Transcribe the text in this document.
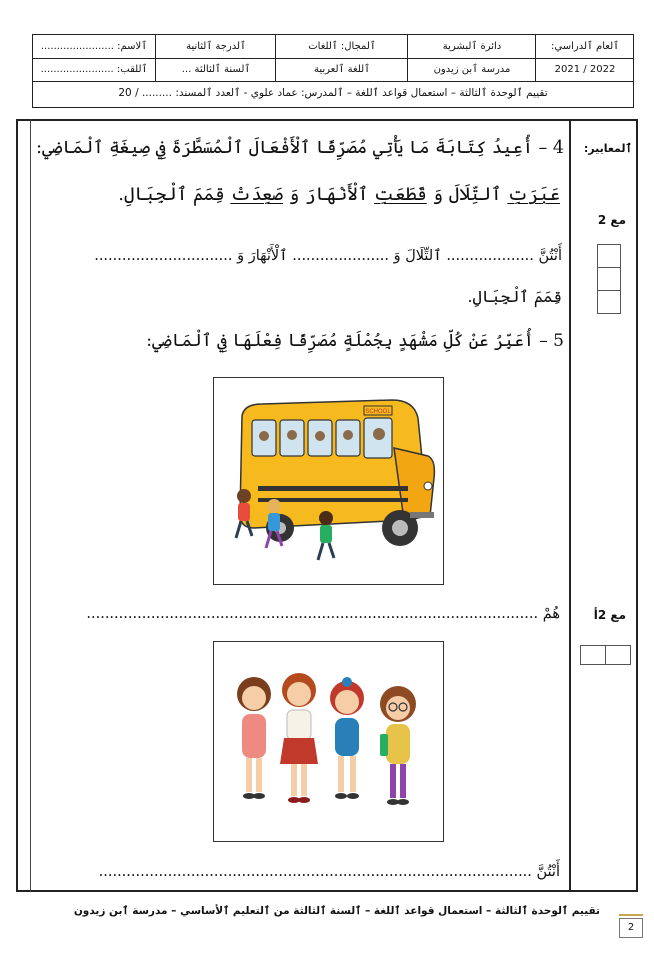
ٱلاسم: .......................	ٱلدرجة ٱلثانية	ٱلمجال: ٱللغات	دائرة ٱلبشرية	ٱلعام ٱلدراسي:
ٱللقب: .......................	ٱلسنة ٱلثالثة ...	ٱللغة ٱلعربية	مدرسة ٱبن زيدون	2022 / 2021
تقييم ٱلوحدة ٱلثالثة – استعمال قواعد ٱللغة – ٱلمدرس: عماد علوي - ٱلعدد ٱلمسند: ......... / 20
ٱلمعايير:
مع 2
مع 2أ
4 – أُعِيدُ كِتَابَةَ مَا يَأْتِي مُصَرِّفًا ٱلْأَفْعَالَ ٱلْمُسَطَّرَةَ فِي صِيغَةِ ٱلْمَاضِي:
عَبَرَتِ ٱلتِّلَالَ وَ قَطَعَتِ ٱلْأَنْهَارَ وَ صَعِدَتْ قِمَمَ ٱلْجِبَالِ.
أَنْتُنَّ ................... ٱلتِّلَالَ وَ ..................... ٱلْأَنْهَارَ وَ ..............................
قِمَمَ ٱلْجِبَالِ.
5 – أُعَبِّرُ عَنْ كُلِّ مَشْهَدٍ بِجُمْلَةٍ مُصَرِّفًا فِعْلَهَا فِي ٱلْمَاضِي:
SCHOOL
هُمْ ..................................................................................................
أَنْتُنَّ ..............................................................................................
تقييم ٱلوحدة ٱلثالثة – استعمال قواعد ٱللغة – ٱلسنة ٱلثالثة من ٱلتعليم ٱلأساسي – مدرسة ٱبن زيدون
2
